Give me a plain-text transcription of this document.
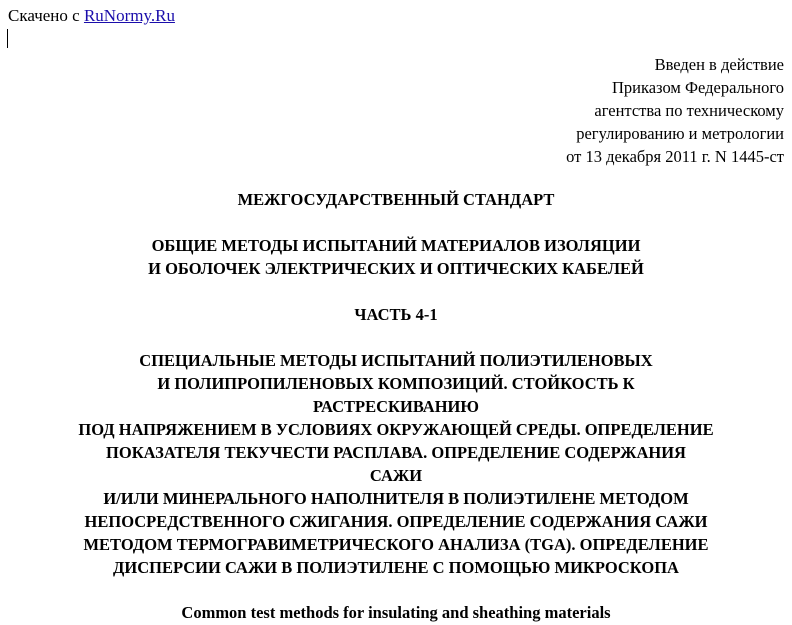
Скачено с RuNormy.Ru
Введен в действие
Приказом Федерального
агентства по техническому
регулированию и метрологии
от 13 декабря 2011 г. N 1445-ст
МЕЖГОСУДАРСТВЕННЫЙ СТАНДАРТ
ОБЩИЕ МЕТОДЫ ИСПЫТАНИЙ МАТЕРИАЛОВ ИЗОЛЯЦИИ
И ОБОЛОЧЕК ЭЛЕКТРИЧЕСКИХ И ОПТИЧЕСКИХ КАБЕЛЕЙ
ЧАСТЬ 4-1
СПЕЦИАЛЬНЫЕ МЕТОДЫ ИСПЫТАНИЙ ПОЛИЭТИЛЕНОВЫХ
И ПОЛИПРОПИЛЕНОВЫХ КОМПОЗИЦИЙ. СТОЙКОСТЬ К
РАСТРЕСКИВАНИЮ
ПОД НАПРЯЖЕНИЕМ В УСЛОВИЯХ ОКРУЖАЮЩЕЙ СРЕДЫ. ОПРЕДЕЛЕНИЕ
ПОКАЗАТЕЛЯ ТЕКУЧЕСТИ РАСПЛАВА. ОПРЕДЕЛЕНИЕ СОДЕРЖАНИЯ
САЖИ
И/ИЛИ МИНЕРАЛЬНОГО НАПОЛНИТЕЛЯ В ПОЛИЭТИЛЕНЕ МЕТОДОМ
НЕПОСРЕДСТВЕННОГО СЖИГАНИЯ. ОПРЕДЕЛЕНИЕ СОДЕРЖАНИЯ САЖИ
МЕТОДОМ ТЕРМОГРАВИМЕТРИЧЕСКОГО АНАЛИЗА (TGA). ОПРЕДЕЛЕНИЕ
ДИСПЕРСИИ САЖИ В ПОЛИЭТИЛЕНЕ С ПОМОЩЬЮ МИКРОСКОПА
Common test methods for insulating and sheathing materials
